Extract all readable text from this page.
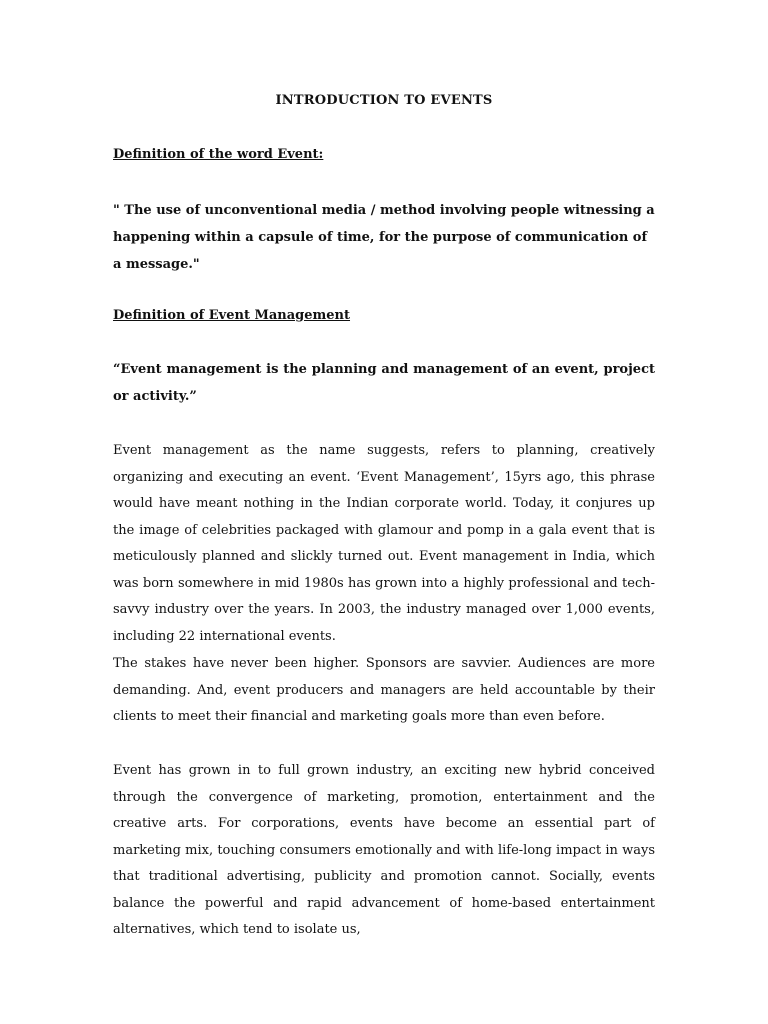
INTRODUCTION TO EVENTS
Definition of the word Event:
" The use of unconventional media / method involving people witnessing a happening within a capsule of time, for the purpose of communication of a message."
Definition of Event Management
“Event management is the planning and management of an event, project or activity.”
Event management as the name suggests, refers to planning, creatively organizing and executing an event. ‘Event Management’, 15yrs ago, this phrase would have meant nothing in the Indian corporate world. Today, it conjures up the image of celebrities packaged with glamour and pomp in a gala event that is meticulously planned and slickly turned out. Event management in India, which was born somewhere in mid 1980s has grown into a highly professional and tech-savvy industry over the years. In 2003, the industry managed over 1,000 events, including 22 international events.
The stakes have never been higher. Sponsors are savvier. Audiences are more demanding. And, event producers and managers are held accountable by their clients to meet their financial and marketing goals more than even before.
Event has grown in to full grown industry, an exciting new hybrid conceived through the convergence of marketing, promotion, entertainment and the creative arts. For corporations, events have become an essential part of marketing mix, touching consumers emotionally and with life-long impact in ways that traditional advertising, publicity and promotion cannot. Socially, events balance the powerful and rapid advancement of home-based entertainment alternatives, which tend to isolate us,
